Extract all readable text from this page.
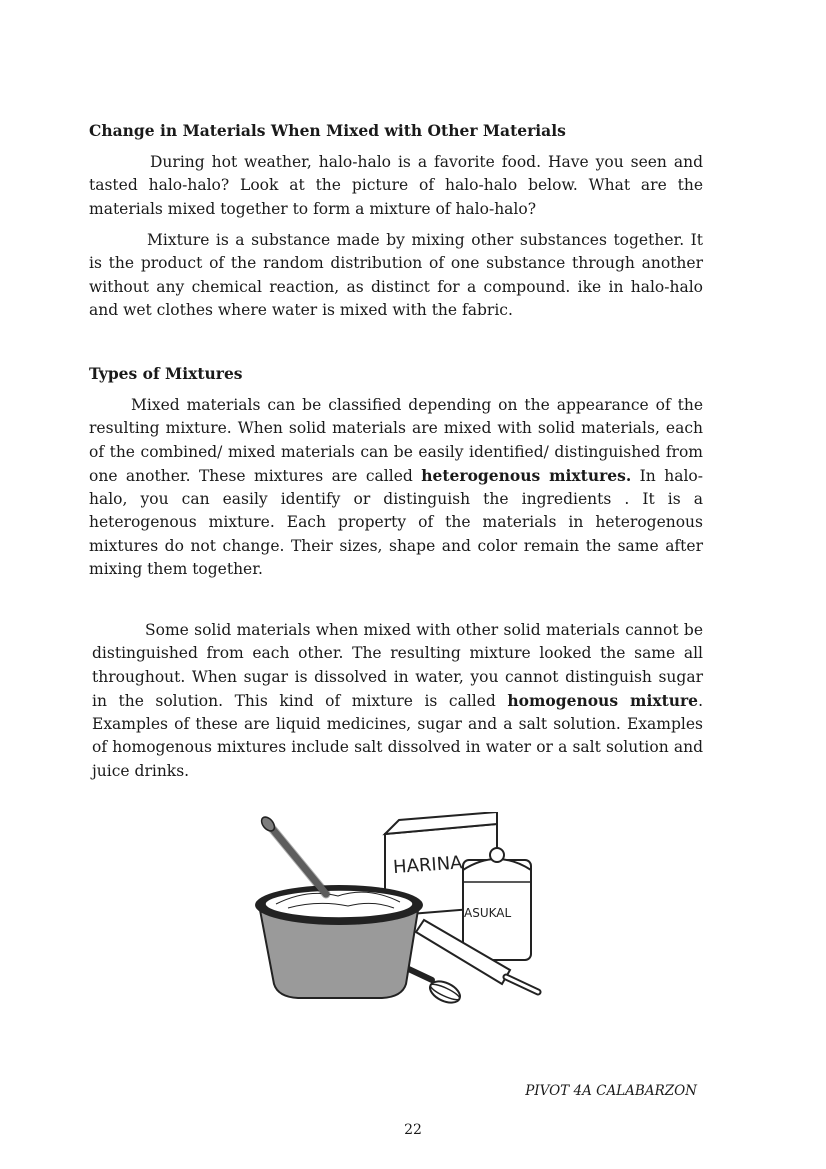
Change in Materials When Mixed with Other Materials

During hot weather, halo-halo is a favorite food. Have you seen and tasted halo-halo? Look at the picture of halo-halo below. What are the materials mixed together to form a mixture of halo-halo?

Mixture is a substance made by mixing other substances together. It is the product of the random distribution of one substance through another without any chemical reaction, as distinct for a compound. ike in halo-halo and wet clothes where water is mixed with the fabric.

Types of Mixtures

Mixed materials can be classified depending on the appearance of the resulting mixture. When solid materials are mixed with solid materials, each of the combined/ mixed materials can be easily identified/ distinguished from one another. These mixtures are called heterogenous mixtures. In halo-halo, you can easily identify or distinguish the ingredients . It is a heterogenous mixture. Each property of the materials in heterogenous mixtures do not change. Their sizes, shape and color remain the same after mixing them together.

Some solid materials when mixed with other solid materials cannot be distinguished from each other. The resulting mixture looked the same all throughout. When sugar is dissolved in water, you cannot distinguish sugar in the solution. This kind of mixture is called homogenous mixture. Examples of these are liquid medicines, sugar and a salt solution. Examples of homogenous mixtures include salt dissolved in water or a salt solution and juice drinks.

HARINA
ASUKAL
PIVOT 4A CALABARZON
22
